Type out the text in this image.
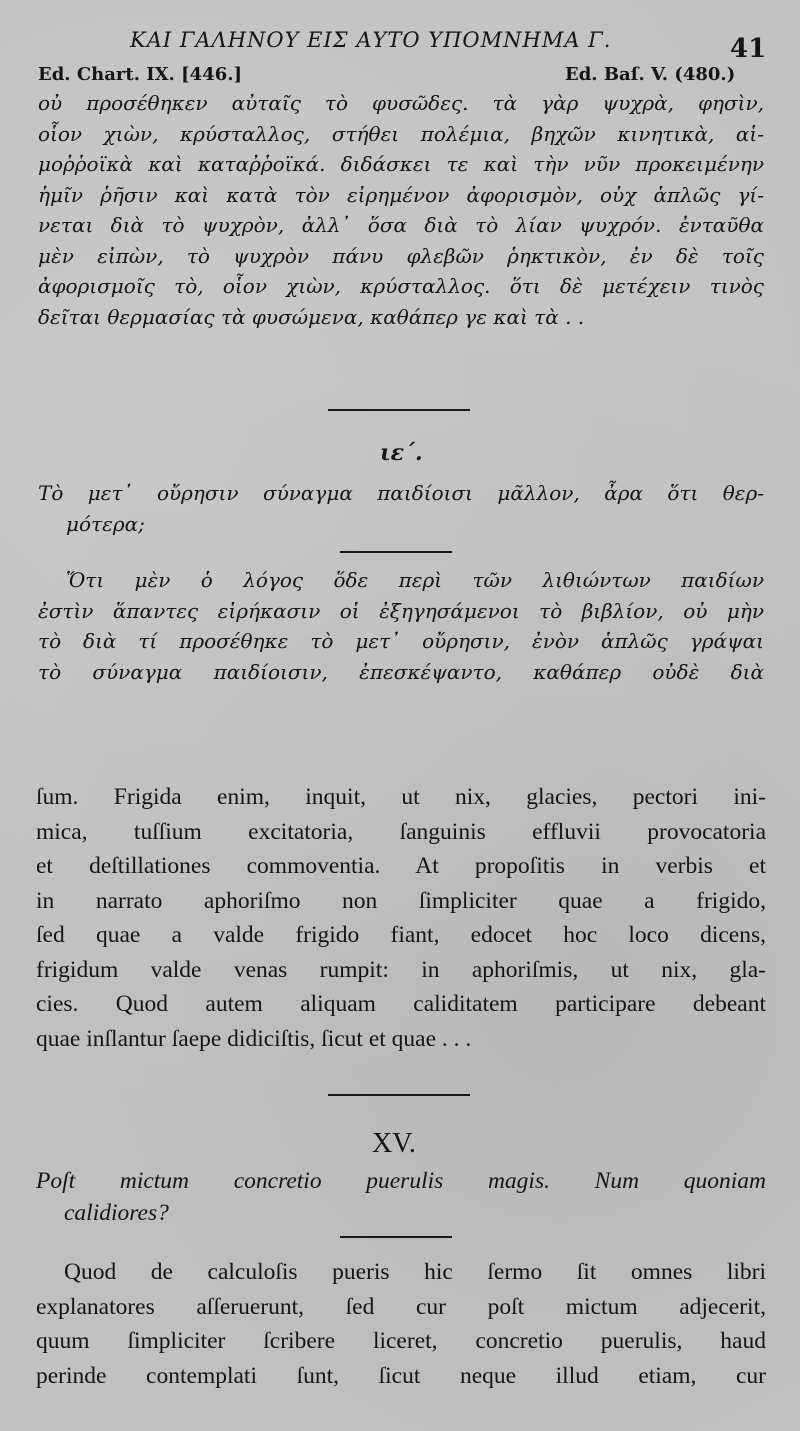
ΚΑΙ ΓΑΛΗΝΟΥ ΕΙΣ ΑΥΤΟ ΥΠΟΜΝΗΜΑ Γ.	41
Ed. Chart. IX. [446.]	Ed. Baſ. V. (480.)
οὐ προσέθηκεν αὐταῖς τὸ φυσῶδες. τὰ γὰρ ψυχρὰ, φησὶν,
οἷον χιὼν, κρύσταλλος, στήθει πολέμια, βηχῶν κινητικὰ, αἱ-
μοῤῥοϊκὰ καὶ καταῤῥοϊκά. διδάσκει τε καὶ τὴν νῦν προκειμένην
ἡμῖν ῥῆσιν καὶ κατὰ τὸν εἰρημένον ἀφορισμὸν, οὐχ ἁπλῶς γί-
νεται διὰ τὸ ψυχρὸν, ἀλλ᾽ ὅσα διὰ τὸ λίαν ψυχρόν. ἐνταῦθα
μὲν εἰπὼν, τὸ ψυχρὸν πάνυ φλεβῶν ῥηκτικὸν, ἐν δὲ τοῖς
ἀφορισμοῖς τὸ, οἷον χιὼν, κρύσταλλος. ὅτι δὲ μετέχειν τινὸς
δεῖται θερμασίας τὰ φυσώμενα, καθάπερ γε καὶ τὰ . .
ιε΄.
Τὸ μετ᾽ οὔρησιν σύναγμα παιδίοισι μᾶλλον, ἆρα ὅτι θερ-
μότερα;
Ὅτι μὲν ὁ λόγος ὅδε περὶ τῶν λιθιώντων παιδίων
ἐστὶν ἅπαντες εἰρήκασιν οἱ ἐξηγησάμενοι τὸ βιβλίον, οὐ μὴν
τὸ διὰ τί προσέθηκε τὸ μετ᾽ οὔρησιν, ἐνὸν ἁπλῶς γράψαι
τὸ σύναγμα παιδίοισιν, ἐπεσκέψαντο, καθάπερ οὐδὲ διὰ
ſum. Frigida enim, inquit, ut nix, glacies, pectori ini-
mica, tuſſium excitatoria, ſanguinis effluvii provocatoria
et deſtillationes commoventia. At propoſitis in verbis et
in narrato aphoriſmo non ſimpliciter quae a frigido,
ſed quae a valde frigido fiant, edocet hoc loco dicens,
frigidum valde venas rumpit: in aphoriſmis, ut nix, gla-
cies. Quod autem aliquam caliditatem participare debeant
quae inſlantur ſaepe didiciſtis, ſicut et quae . . .
XV.
Poſt mictum concretio puerulis magis. Num quoniam
calidiores?
Quod de calculoſis pueris hic ſermo ſit omnes libri
explanatores aſſeruerunt, ſed cur poſt mictum adjecerit,
quum ſimpliciter ſcribere liceret, concretio puerulis, haud
perinde contemplati ſunt, ſicut neque illud etiam, cur
